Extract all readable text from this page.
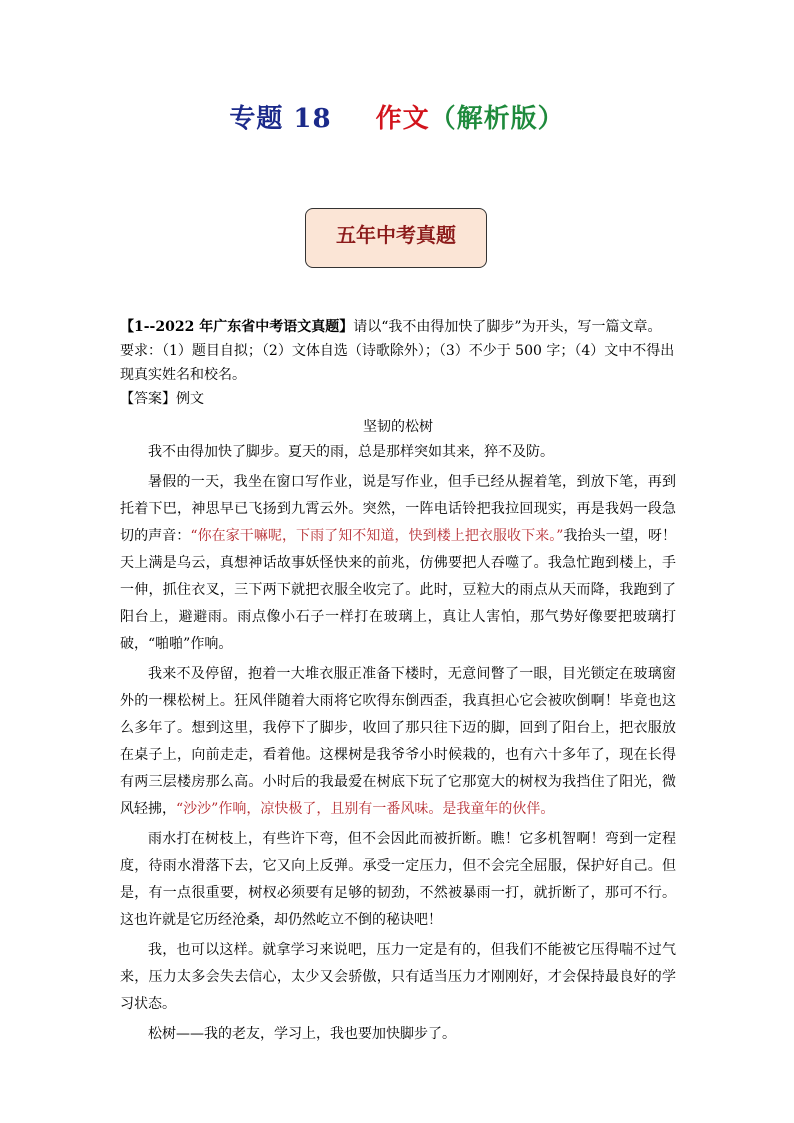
专题 18 作文（解析版）
五年中考真题

【1--2022 年广东省中考语文真题】请以“我不由得加快了脚步”为开头，写一篇文章。

要求：（1）题目自拟；（2）文体自选（诗歌除外）；（3）不少于 500 字；（4）文中不得出现真实姓名和校名。

【答案】例文

坚韧的松树

我不由得加快了脚步。夏天的雨，总是那样突如其来，猝不及防。

暑假的一天，我坐在窗口写作业，说是写作业，但手已经从握着笔，到放下笔，再到托着下巴，神思早已飞扬到九霄云外。突然，一阵电话铃把我拉回现实，再是我妈一段急切的声音：“你在家干嘛呢，下雨了知不知道，快到楼上把衣服收下来。”我抬头一望，呀！天上满是乌云，真想神话故事妖怪快来的前兆，仿佛要把人吞噬了。我急忙跑到楼上，手一伸，抓住衣叉，三下两下就把衣服全收完了。此时，豆粒大的雨点从天而降，我跑到了阳台上，避避雨。雨点像小石子一样打在玻璃上，真让人害怕，那气势好像要把玻璃打破，“啪啪”作响。

我来不及停留，抱着一大堆衣服正准备下楼时，无意间瞥了一眼，目光锁定在玻璃窗外的一棵松树上。狂风伴随着大雨将它吹得东倒西歪，我真担心它会被吹倒啊！毕竟也这么多年了。想到这里，我停下了脚步，收回了那只往下迈的脚，回到了阳台上，把衣服放在桌子上，向前走走，看着他。这棵树是我爷爷小时候栽的，也有六十多年了，现在长得有两三层楼房那么高。小时后的我最爱在树底下玩了它那宽大的树杈为我挡住了阳光，微风轻拂，“沙沙”作响，凉快极了，且别有一番风味。是我童年的伙伴。

雨水打在树枝上，有些许下弯，但不会因此而被折断。瞧！它多机智啊！弯到一定程度，待雨水滑落下去，它又向上反弹。承受一定压力，但不会完全屈服，保护好自己。但是，有一点很重要，树杈必须要有足够的韧劲，不然被暴雨一打，就折断了，那可不行。这也许就是它历经沧桑，却仍然屹立不倒的秘诀吧！

我，也可以这样。就拿学习来说吧，压力一定是有的，但我们不能被它压得喘不过气来，压力太多会失去信心，太少又会骄傲，只有适当压力才刚刚好，才会保持最良好的学习状态。

松树——我的老友，学习上，我也要加快脚步了。
